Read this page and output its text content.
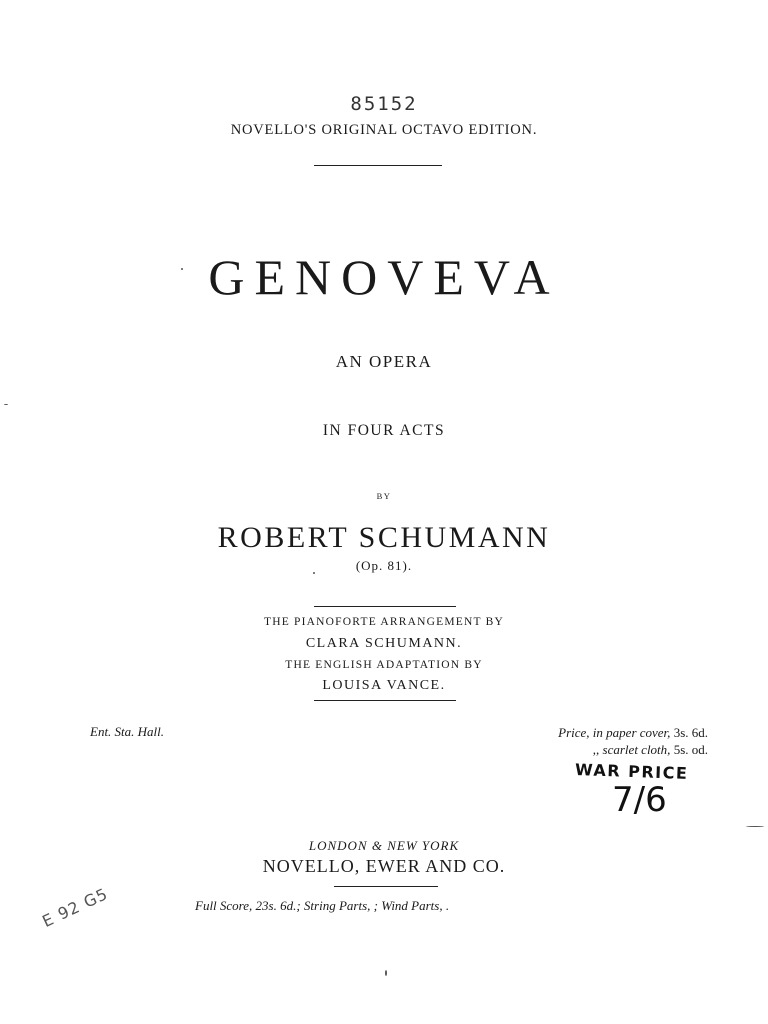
85152
NOVELLO'S ORIGINAL OCTAVO EDITION.
GENOVEVA
AN OPERA
IN FOUR ACTS
BY
ROBERT SCHUMANN
(Op. 81).
THE PIANOFORTE ARRANGEMENT BY
CLARA SCHUMANN.
THE ENGLISH ADAPTATION BY
LOUISA VANCE.
Ent. Sta. Hall.	Price, in paper cover, 3s. 6d.
,, scarlet cloth, 5s. od.
WAR PRICE
7/6
LONDON & NEW YORK
NOVELLO, EWER AND CO.
Full Score, 23s. 6d.; String Parts, ; Wind Parts, .
E 92 G5
